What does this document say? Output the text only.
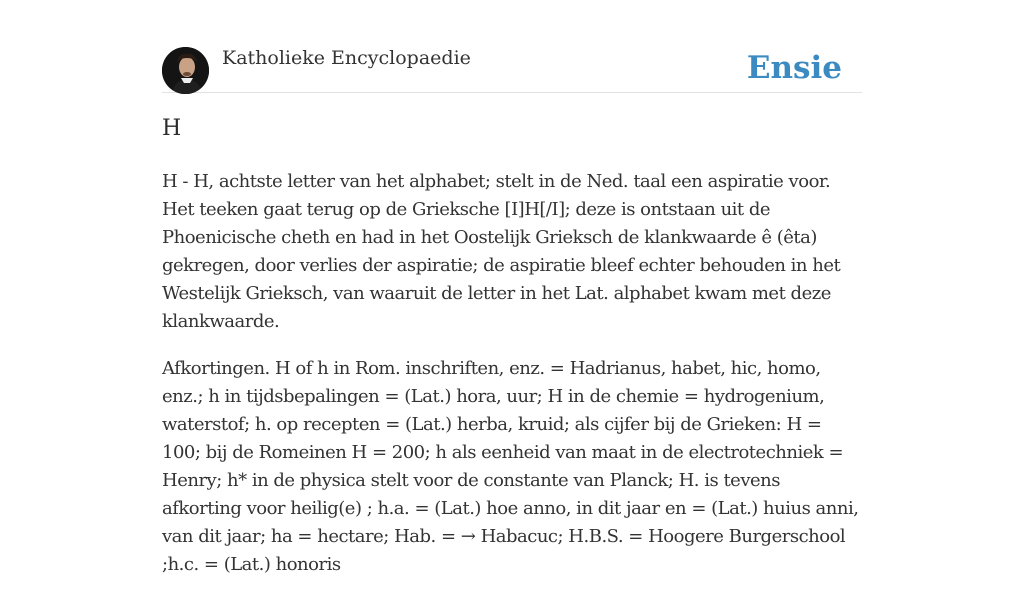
Katholieke Encyclopaedie	Ensie
H

H - H, achtste letter van het alphabet; stelt in de Ned. taal een aspiratie voor. Het teeken gaat terug op de Grieksche [I]H[/I]; deze is ontstaan uit de Phoenicische cheth en had in het Oostelijk Grieksch de klankwaarde ê (êta) gekregen, door verlies der aspiratie; de aspiratie bleef echter behouden in het Westelijk Grieksch, van waaruit de letter in het Lat. alphabet kwam met deze klankwaarde.

Afkortingen. H of h in Rom. inschriften, enz. = Hadrianus, habet, hic, homo, enz.; h in tijdsbepalingen = (Lat.) hora, uur; H in de chemie = hydrogenium, waterstof; h. op recepten = (Lat.) herba, kruid; als cijfer bij de Grieken: H = 100; bij de Romeinen H = 200; h als eenheid van maat in de electrotechniek = Henry; h* in de physica stelt voor de constante van Planck; H. is tevens afkorting voor heilig(e) ; h.a. = (Lat.) hoe anno, in dit jaar en = (Lat.) huius anni, van dit jaar; ha = hectare; Hab. = → Habacuc; H.B.S. = Hoogere Burgerschool ;h.c. = (Lat.) honoris
